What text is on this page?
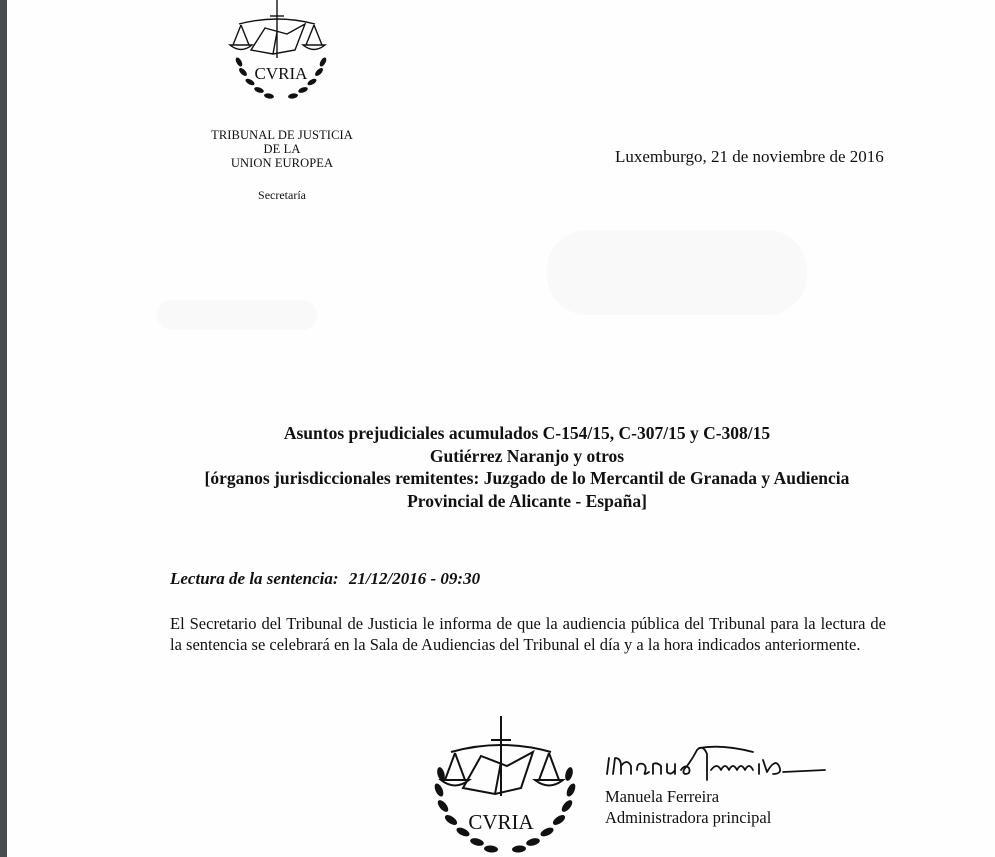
CVRIA
TRIBUNAL DE JUSTICIA
DE LA
UNION EUROPEA
Secretaría
Luxemburgo, 21 de noviembre de 2016
Asuntos prejudiciales acumulados C-154/15, C-307/15 y C-308/15
Gutiérrez Naranjo y otros
[órganos jurisdiccionales remitentes: Juzgado de lo Mercantil de Granada y Audiencia
Provincial de Alicante - España]
Lectura de la sentencia: 21/12/2016 - 09:30
El Secretario del Tribunal de Justicia le informa de que la audiencia pública del Tribunal para la lectura de la sentencia se celebrará en la Sala de Audiencias del Tribunal el día y a la hora indicados anteriormente.
CVRIA
Manuela Ferreira
Administradora principal
